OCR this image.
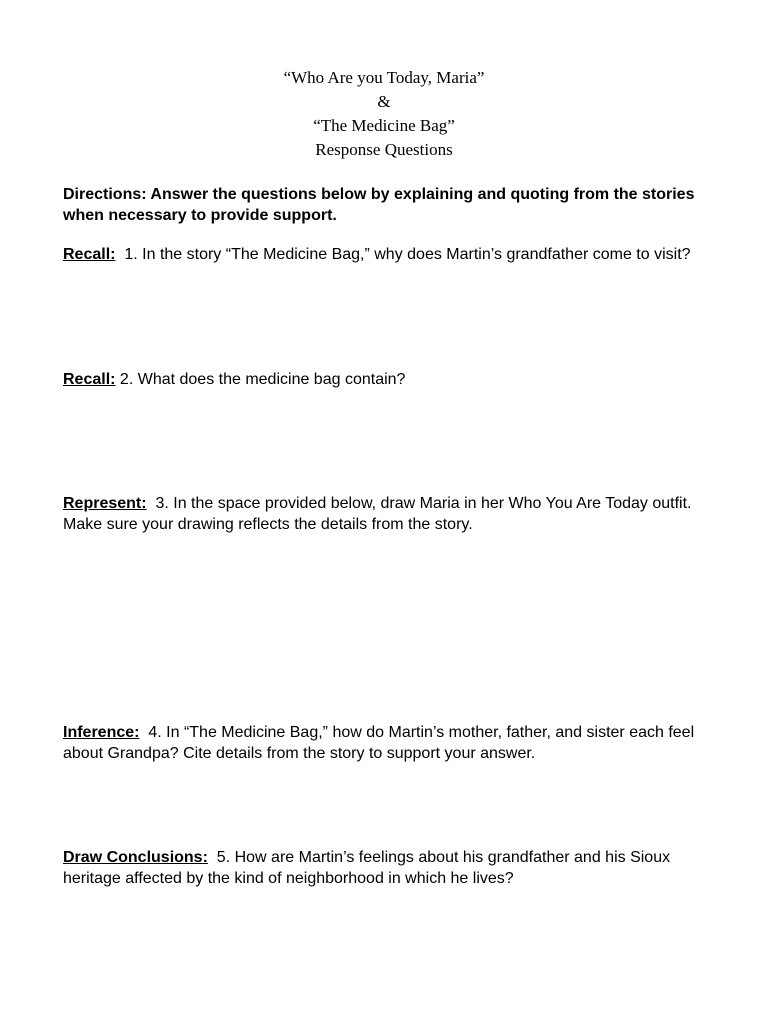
“Who Are you Today, Maria”
&
“The Medicine Bag”
Response Questions
Directions: Answer the questions below by explaining and quoting from the stories when necessary to provide support.
Recall: 1. In the story “The Medicine Bag,” why does Martin’s grandfather come to visit?
Recall: 2. What does the medicine bag contain?
Represent: 3. In the space provided below, draw Maria in her Who You Are Today outfit. Make sure your drawing reflects the details from the story.
Inference: 4. In “The Medicine Bag,” how do Martin’s mother, father, and sister each feel about Grandpa? Cite details from the story to support your answer.
Draw Conclusions: 5. How are Martin’s feelings about his grandfather and his Sioux heritage affected by the kind of neighborhood in which he lives?
